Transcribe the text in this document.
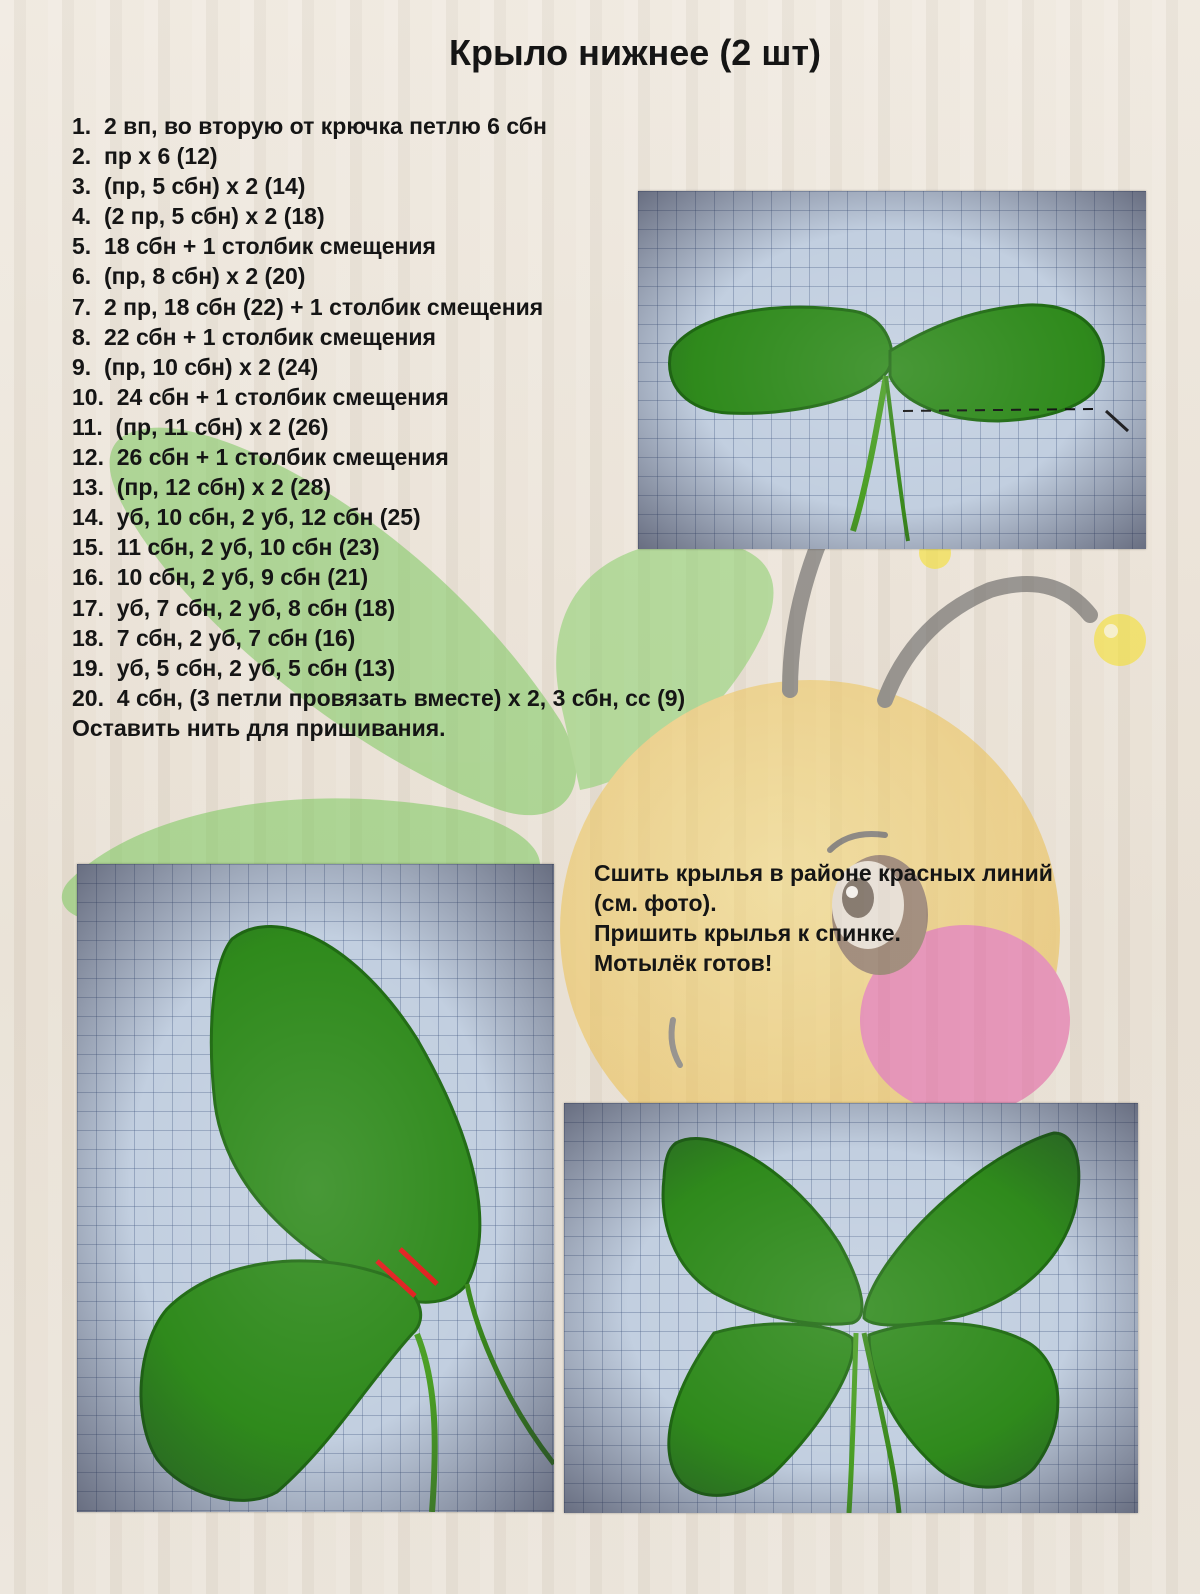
Крыло нижнее (2 шт)
1. 2 вп, во вторую от крючка петлю 6 сбн
2. пр х 6 (12)
3. (пр, 5 сбн) х 2 (14)
4. (2 пр, 5 сбн) х 2 (18)
5. 18 сбн + 1 столбик смещения
6. (пр, 8 сбн) х 2 (20)
7. 2 пр, 18 сбн (22) + 1 столбик смещения
8. 22 сбн + 1 столбик смещения
9. (пр, 10 сбн) х 2 (24)
10. 24 сбн + 1 столбик смещения
11. (пр, 11 сбн) х 2 (26)
12. 26 сбн + 1 столбик смещения
13. (пр, 12 сбн) х 2 (28)
14. уб, 10 сбн, 2 уб, 12 сбн (25)
15. 11 сбн, 2 уб, 10 сбн (23)
16. 10 сбн, 2 уб, 9 сбн (21)
17. уб, 7 сбн, 2 уб, 8 сбн (18)
18. 7 сбн, 2 уб, 7 сбн (16)
19. уб, 5 сбн, 2 уб, 5 сбн (13)
20. 4 сбн, (3 петли провязать вместе) х 2, 3 сбн, сс (9)
Оставить нить для пришивания.

Сшить крылья в районе красных линий

(см. фото).

Пришить крылья к спинке.

Мотылёк готов!
